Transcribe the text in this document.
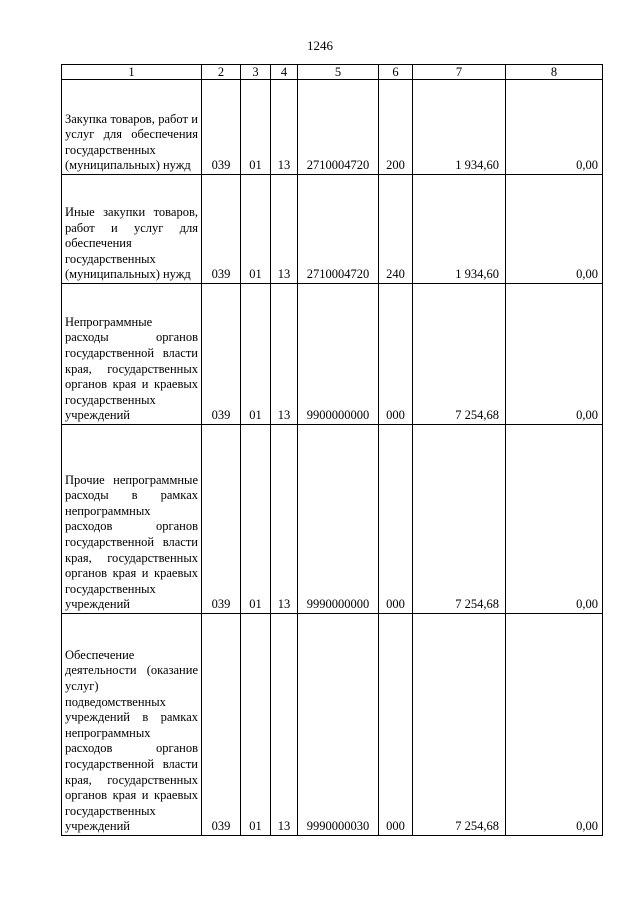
1246
1	2	3	4	5	6	7	8
Закупка товаров, работ и услуг для обеспечения государственных (муниципальных) нужд	039	01	13	2710004720	200	1 934,60	0,00
Иные закупки товаров, работ и услуг для обеспечения государственных (муниципальных) нужд	039	01	13	2710004720	240	1 934,60	0,00
Непрограммные расходы органов государственной власти края, государственных органов края и краевых государственных учреждений	039	01	13	9900000000	000	7 254,68	0,00
Прочие непрограммные расходы в рамках непрограммных расходов органов государственной власти края, государственных органов края и краевых государственных учреждений	039	01	13	9990000000	000	7 254,68	0,00
Обеспечение деятельности (оказание услуг) подведомственных учреждений в рамках непрограммных расходов органов государственной власти края, государственных органов края и краевых государственных учреждений	039	01	13	9990000030	000	7 254,68	0,00
